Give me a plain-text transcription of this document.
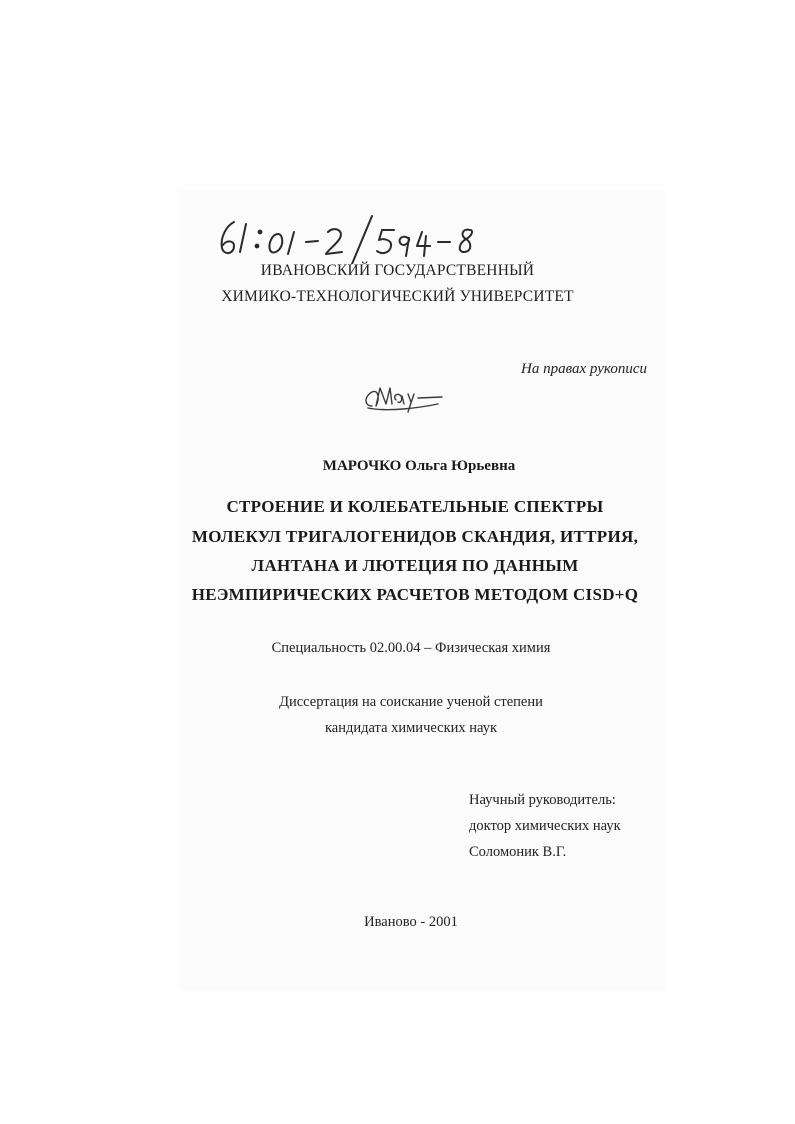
ИВАНОВСКИЙ ГОСУДАРСТВЕННЫЙ
ХИМИКО-ТЕХНОЛОГИЧЕСКИЙ УНИВЕРСИТЕТ
На правах рукописи
МАРОЧКО Ольга Юрьевна
СТРОЕНИЕ И КОЛЕБАТЕЛЬНЫЕ СПЕКТРЫ
МОЛЕКУЛ ТРИГАЛОГЕНИДОВ СКАНДИЯ, ИТТРИЯ,
ЛАНТАНА И ЛЮТЕЦИЯ ПО ДАННЫМ
НЕЭМПИРИЧЕСКИХ РАСЧЕТОВ МЕТОДОМ CISD+Q
Специальность 02.00.04 – Физическая химия
Диссертация на соискание ученой степени
кандидата химических наук
Научный руководитель:
доктор химических наук
Соломоник В.Г.
Иваново - 2001
